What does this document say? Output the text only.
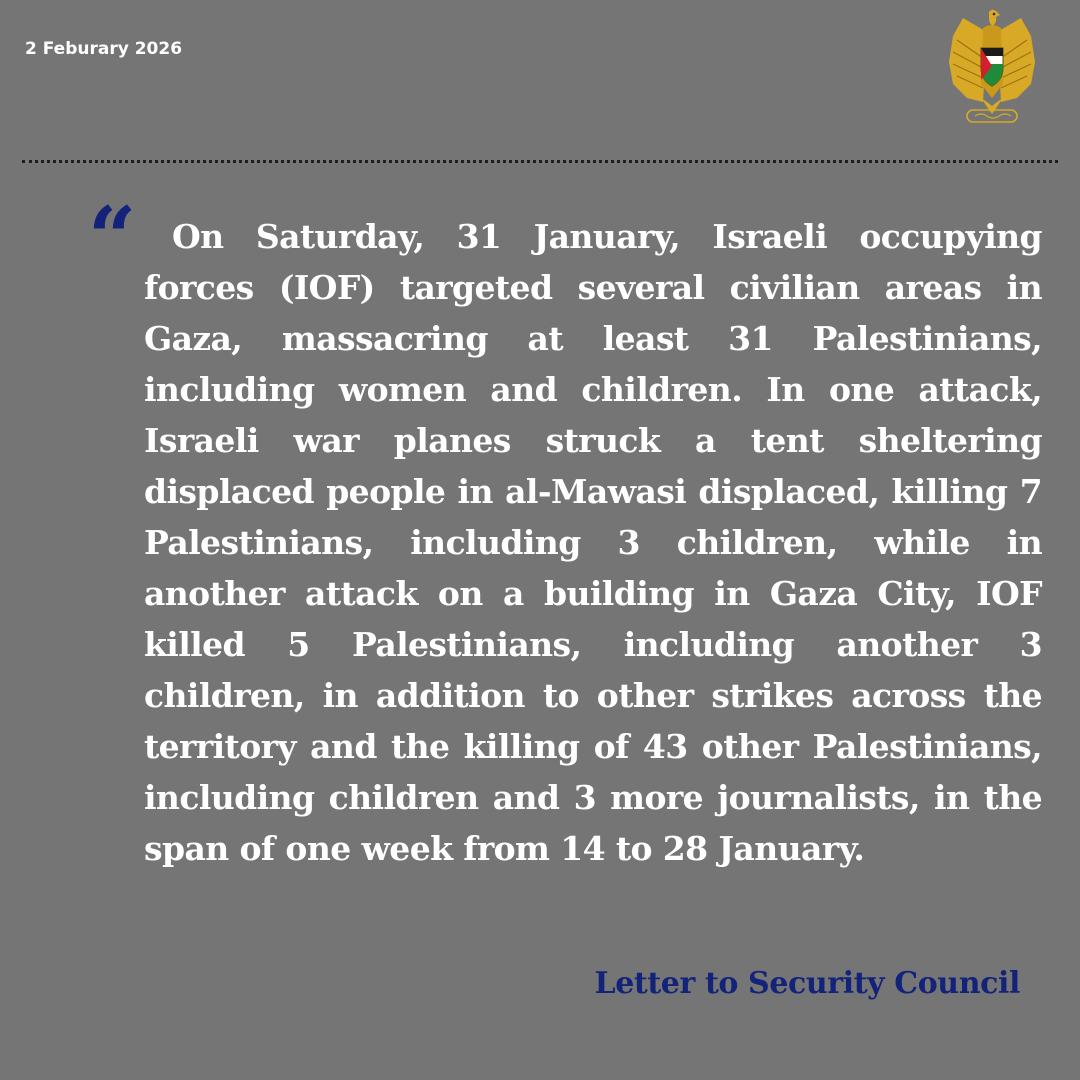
2 Feburary 2026
“	On Saturday, 31 January, Israeli occupying forces (IOF) targeted several civilian areas in Gaza, massacring at least 31 Palestinians, including women and children. In one attack, Israeli war planes struck a tent sheltering displaced people in al-Mawasi displaced, killing 7 Palestinians, including 3 children, while in another attack on a building in Gaza City, IOF killed 5 Palestinians, including another 3 children, in addition to other strikes across the territory and the killing of 43 other Palestinians, including children and 3 more journalists, in the span of one week from 14 to 28 January.

Letter to Security Council
